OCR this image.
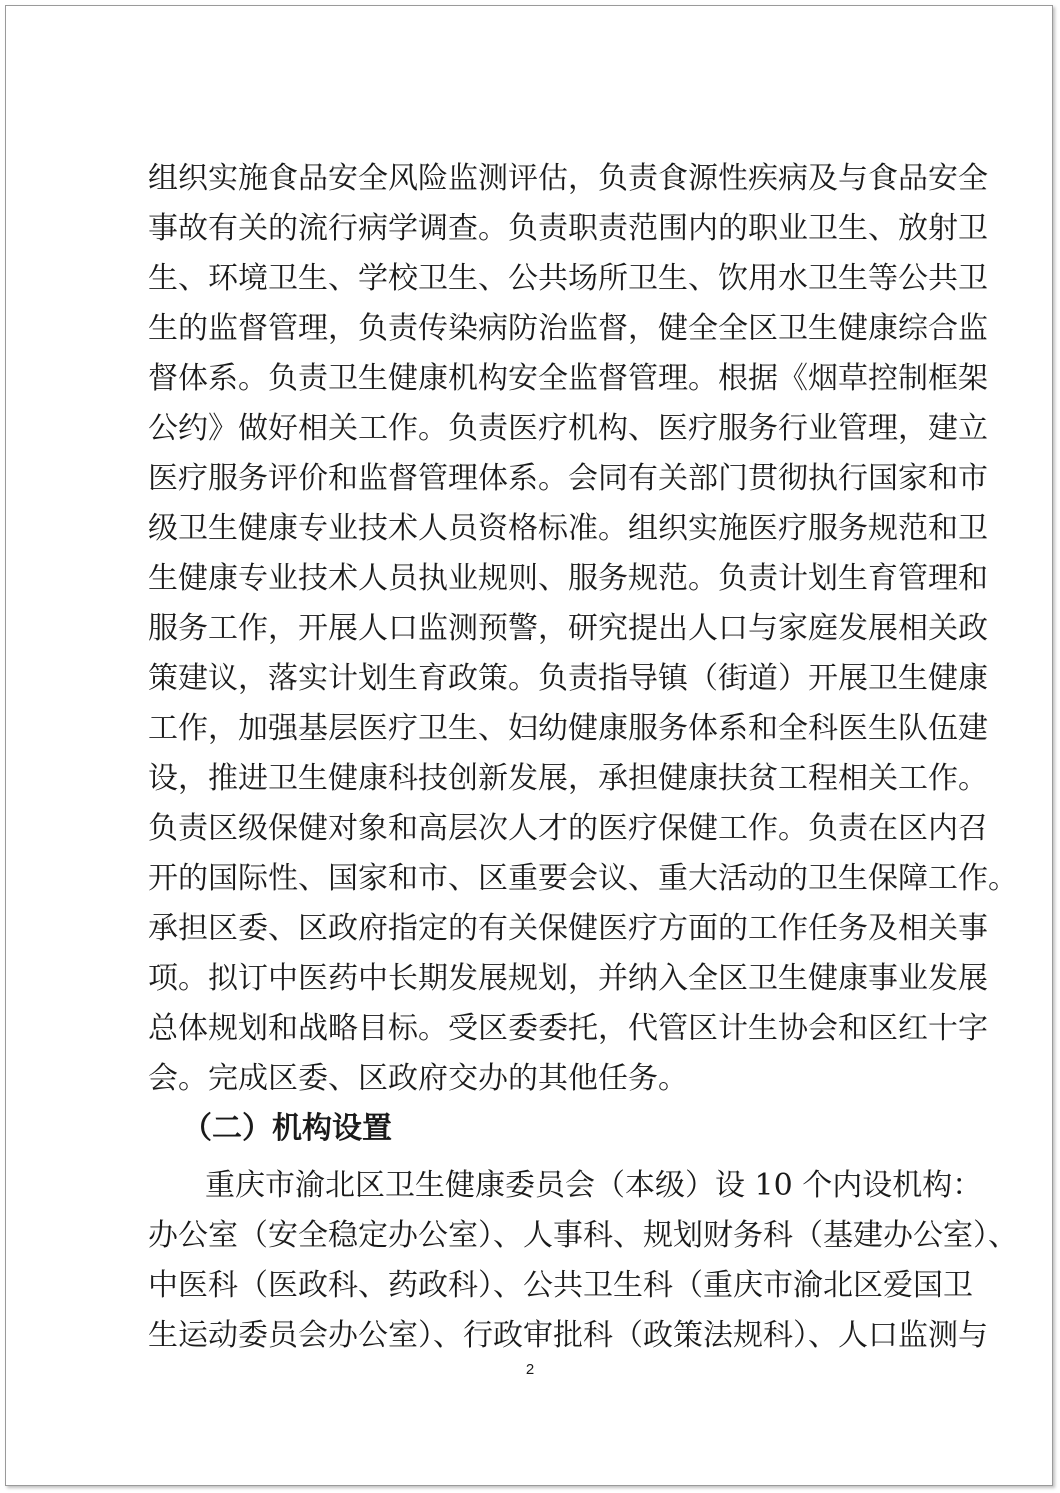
组织实施食品安全风险监测评估，负责食源性疾病及与食品安全
事故有关的流行病学调查。负责职责范围内的职业卫生、放射卫
生、环境卫生、学校卫生、公共场所卫生、饮用水卫生等公共卫
生的监督管理，负责传染病防治监督，健全全区卫生健康综合监
督体系。负责卫生健康机构安全监督管理。根据《烟草控制框架
公约》做好相关工作。负责医疗机构、医疗服务行业管理，建立
医疗服务评价和监督管理体系。会同有关部门贯彻执行国家和市
级卫生健康专业技术人员资格标准。组织实施医疗服务规范和卫
生健康专业技术人员执业规则、服务规范。负责计划生育管理和
服务工作，开展人口监测预警，研究提出人口与家庭发展相关政
策建议，落实计划生育政策。负责指导镇（街道）开展卫生健康
工作，加强基层医疗卫生、妇幼健康服务体系和全科医生队伍建
设，推进卫生健康科技创新发展，承担健康扶贫工程相关工作。
负责区级保健对象和高层次人才的医疗保健工作。负责在区内召
开的国际性、国家和市、区重要会议、重大活动的卫生保障工作。
承担区委、区政府指定的有关保健医疗方面的工作任务及相关事
项。拟订中医药中长期发展规划，并纳入全区卫生健康事业发展
总体规划和战略目标。受区委委托，代管区计生协会和区红十字
会。完成区委、区政府交办的其他任务。
（二）机构设置
重庆市渝北区卫生健康委员会（本级）设 10 个内设机构：
办公室（安全稳定办公室）、人事科、规划财务科（基建办公室）、
中医科（医政科、药政科）、公共卫生科（重庆市渝北区爱国卫
生运动委员会办公室）、行政审批科（政策法规科）、人口监测与
2
